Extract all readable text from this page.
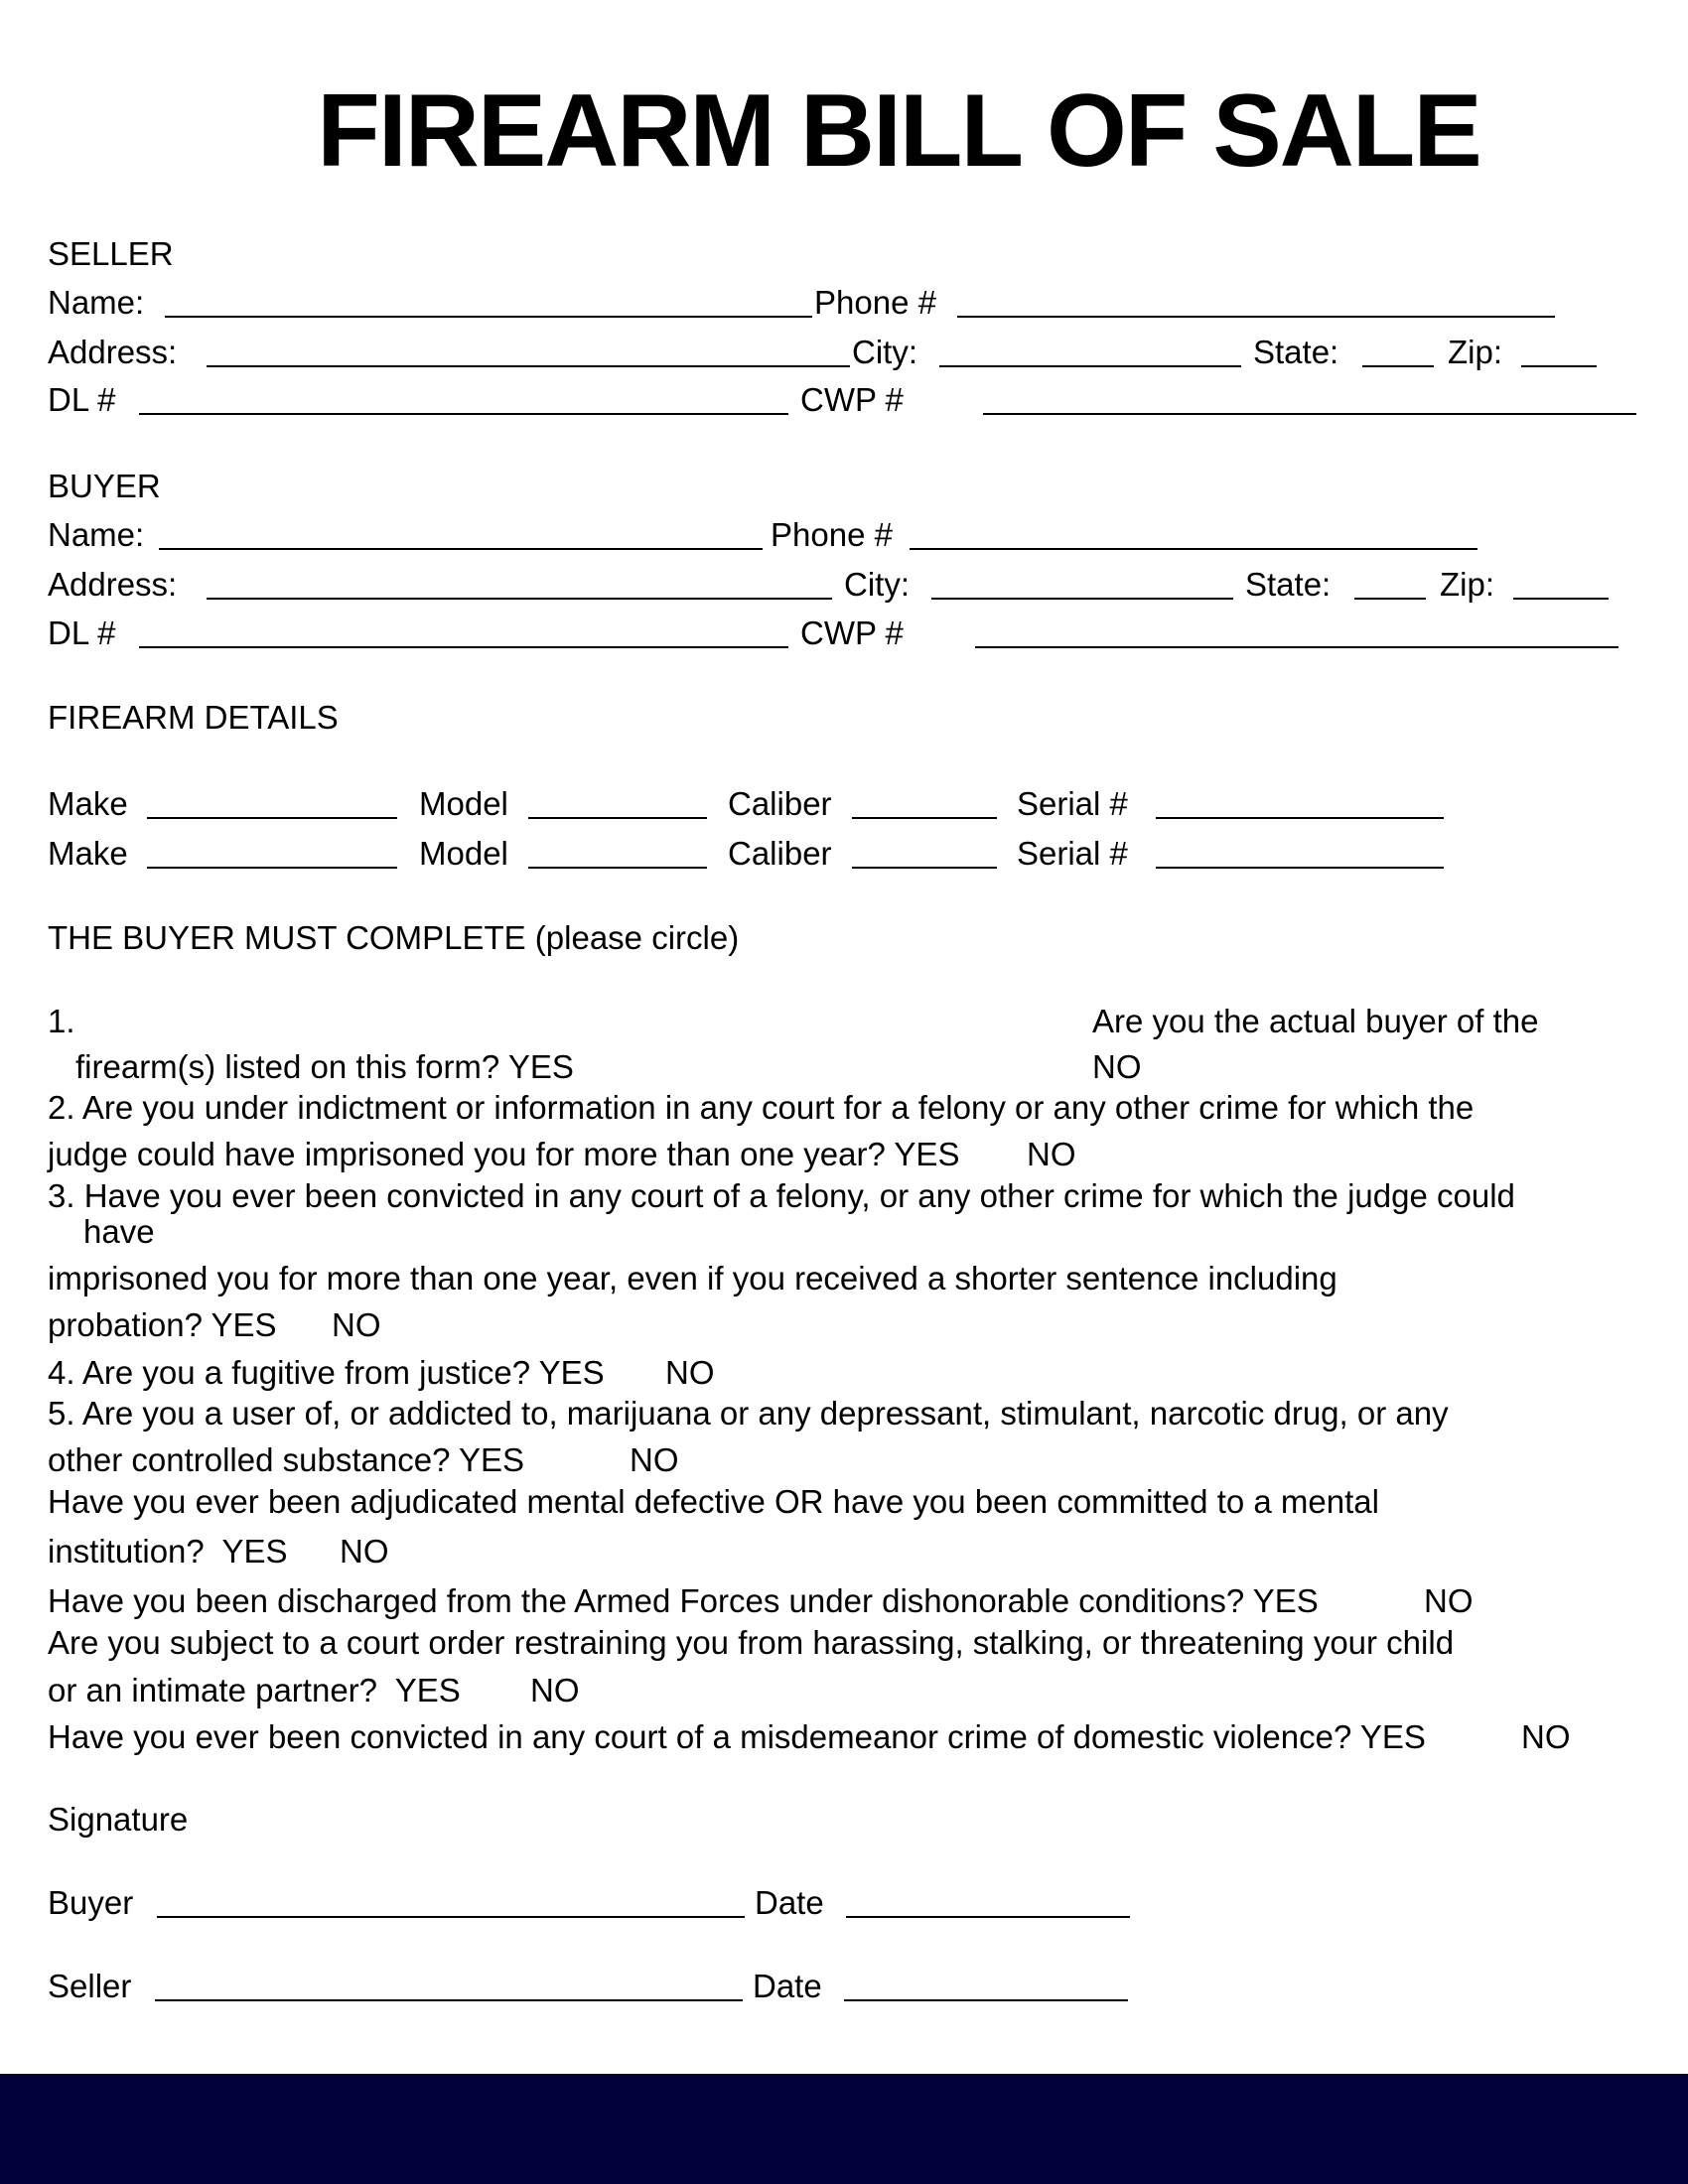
FIREARM BILL OF SALE
SELLER
Name:	Phone #
Address:	City:	State:	Zip:
DL #	CWP #
BUYER
Name:	Phone #
Address:	City:	State:	Zip:
DL #	CWP #
FIREARM DETAILS
Make	Model	Caliber	Serial #
Make	Model	Caliber	Serial #
THE BUYER MUST COMPLETE (please circle)
1.	Are you the actual buyer of the
firearm(s) listed on this form? YES	NO
2. Are you under indictment or information in any court for a felony or any other crime for which the
judge could have imprisoned you for more than one year? YES NO
3. Have you ever been convicted in any court of a felony, or any other crime for which the judge could
have
imprisoned you for more than one year, even if you received a shorter sentence including
probation? YES NO
4. Are you a fugitive from justice? YES NO
5. Are you a user of, or addicted to, marijuana or any depressant, stimulant, narcotic drug, or any
other controlled substance? YES	NO
Have you ever been adjudicated mental defective OR have you been committed to a mental
institution?  YES NO
Have you been discharged from the Armed Forces under dishonorable conditions? YES	NO
Are you subject to a court order restraining you from harassing, stalking, or threatening your child
or an intimate partner?  YES NO
Have you ever been convicted in any court of a misdemeanor crime of domestic violence? YES	NO
Signature
Buyer	Date
Seller	Date
